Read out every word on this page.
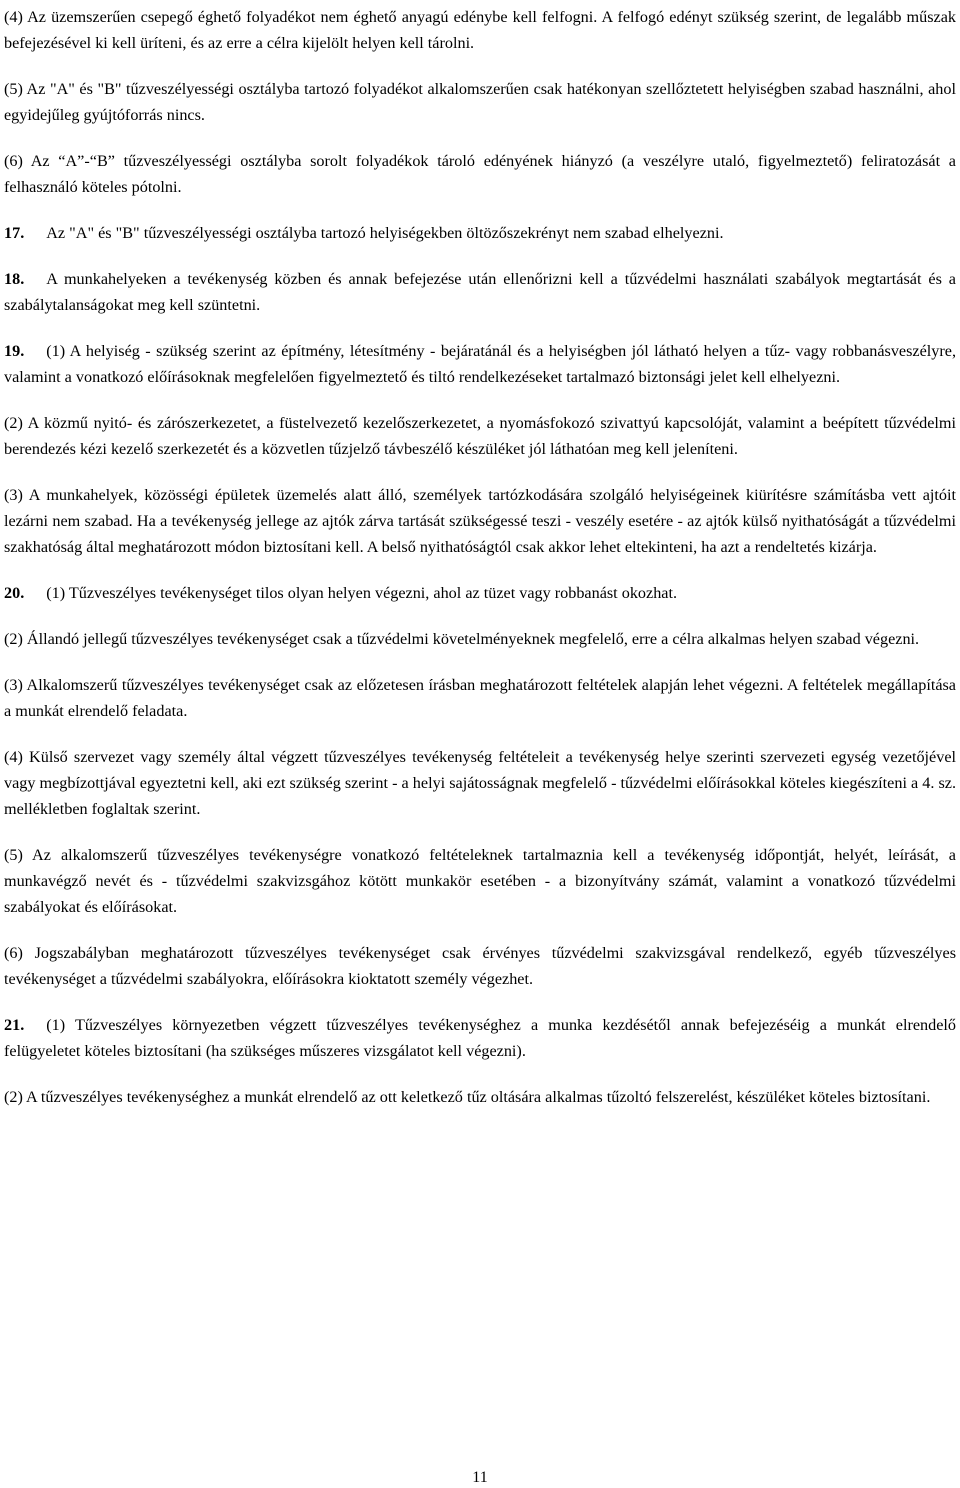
(4) Az üzemszerűen csepegő éghető folyadékot nem éghető anyagú edénybe kell felfogni. A felfogó edényt szükség szerint, de legalább műszak befejezésével ki kell üríteni, és az erre a célra kijelölt helyen kell tárolni.

(5) Az "A" és "B" tűzveszélyességi osztályba tartozó folyadékot alkalomszerűen csak hatékonyan szellőztetett helyiségben szabad használni, ahol egyidejűleg gyújtóforrás nincs.

(6) Az “A”-“B” tűzveszélyességi osztályba sorolt folyadékok tároló edényének hiányzó (a veszélyre utaló, figyelmeztető) feliratozását a felhasználó köteles pótolni.

17. Az "A" és "B" tűzveszélyességi osztályba tartozó helyiségekben öltözőszekrényt nem szabad elhelyezni.

18. A munkahelyeken a tevékenység közben és annak befejezése után ellenőrizni kell a tűzvédelmi használati szabályok megtartását és a szabálytalanságokat meg kell szüntetni.

19. (1) A helyiség - szükség szerint az építmény, létesítmény - bejáratánál és a helyiségben jól látható helyen a tűz- vagy robbanásveszélyre, valamint a vonatkozó előírásoknak megfelelően figyelmeztető és tiltó rendelkezéseket tartalmazó biztonsági jelet kell elhelyezni.

(2) A közmű nyitó- és zárószerkezetet, a füstelvezető kezelőszerkezetet, a nyomásfokozó szivattyú kapcsolóját, valamint a beépített tűzvédelmi berendezés kézi kezelő szerkezetét és a közvetlen tűzjelző távbeszélő készüléket jól láthatóan meg kell jeleníteni.

(3) A munkahelyek, közösségi épületek üzemelés alatt álló, személyek tartózkodására szolgáló helyiségeinek kiürítésre számításba vett ajtóit lezárni nem szabad. Ha a tevékenység jellege az ajtók zárva tartását szükségessé teszi - veszély esetére - az ajtók külső nyithatóságát a tűzvédelmi szakhatóság által meghatározott módon biztosítani kell. A belső nyithatóságtól csak akkor lehet eltekinteni, ha azt a rendeltetés kizárja.

20. (1) Tűzveszélyes tevékenységet tilos olyan helyen végezni, ahol az tüzet vagy robbanást okozhat.

(2) Állandó jellegű tűzveszélyes tevékenységet csak a tűzvédelmi követelményeknek megfelelő, erre a célra alkalmas helyen szabad végezni.

(3) Alkalomszerű tűzveszélyes tevékenységet csak az előzetesen írásban meghatározott feltételek alapján lehet végezni. A feltételek megállapítása a munkát elrendelő feladata.

(4) Külső szervezet vagy személy által végzett tűzveszélyes tevékenység feltételeit a tevékenység helye szerinti szervezeti egység vezetőjével vagy megbízottjával egyeztetni kell, aki ezt szükség szerint - a helyi sajátosságnak megfelelő - tűzvédelmi előírásokkal köteles kiegészíteni a 4. sz. mellékletben foglaltak szerint.

(5) Az alkalomszerű tűzveszélyes tevékenységre vonatkozó feltételeknek tartalmaznia kell a tevékenység időpontját, helyét, leírását, a munkavégző nevét és - tűzvédelmi szakvizsgához kötött munkakör esetében - a bizonyítvány számát, valamint a vonatkozó tűzvédelmi szabályokat és előírásokat.

(6) Jogszabályban meghatározott tűzveszélyes tevékenységet csak érvényes tűzvédelmi szakvizsgával rendelkező, egyéb tűzveszélyes tevékenységet a tűzvédelmi szabályokra, előírásokra kioktatott személy végezhet.

21. (1) Tűzveszélyes környezetben végzett tűzveszélyes tevékenységhez a munka kezdésétől annak befejezéséig a munkát elrendelő felügyeletet köteles biztosítani (ha szükséges műszeres vizsgálatot kell végezni).

(2) A tűzveszélyes tevékenységhez a munkát elrendelő az ott keletkező tűz oltására alkalmas tűzoltó felszerelést, készüléket köteles biztosítani.

11
